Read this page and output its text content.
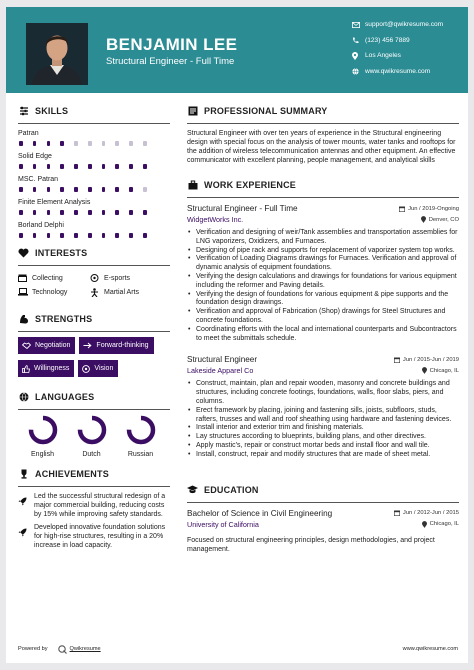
BENJAMIN LEE
Structural Engineer - Full Time
support@qwikresume.com
(123) 456 7889
Los Angeles
www.qwikresume.com
SKILLS
Patran
Solid Edge
MSC. Patran
Finite Element Analysis
Borland Delphi
INTERESTS
Collecting	E-sports
Technology	Martial Arts
STRENGTHS
Negotiation	Forward-thinking
Willingness	Vision
LANGUAGES
English	Dutch	Russian
ACHIEVEMENTS
Led the successful structural redesign of a major commercial building, reducing costs by 15% while improving safety standards.
Developed innovative foundation solutions for high-rise structures, resulting in a 20% increase in load capacity.
PROFESSIONAL SUMMARY
Structural Engineer with over ten years of experience in the Structural engineering design with special focus on the analysis of tower mounts, water tanks and rooftops for the addition of wireless telecommunication antennas and other equipment. An effective communicator with excellent planning, people management, and analytical skills
WORK EXPERIENCE
Structural Engineer - Full Time	Jun / 2019-Ongoing
WidgetWorks Inc.	Denver, CO
• Verification and designing of weir/Tank assemblies and transportation assemblies for LNG vaporizers, Oxidizers, and Furnaces.
• Designing of pipe rack and supports for replacement of vaporizer system top works.
• Verification of Loading Diagrams drawings for Furnaces. Verification and approval of dynamic analysis of equipment foundations.
• Verifying the design calculations and drawings for foundations for various equipment including the reformer and Paving details.
• Verifying the design of foundations for various equipment & pipe supports and the foundation design drawings.
• Verification and approval of Fabrication (Shop) drawings for Steel Structures and concrete foundations.
• Coordinating efforts with the local and international counterparts and Subcontractors to meet the submittals schedule.
Structural Engineer	Jun / 2015-Jun / 2019
Lakeside Apparel Co	Chicago, IL
• Construct, maintain, plan and repair wooden, masonry and concrete buildings and structures, including concrete footings, foundations, walls, floor slabs, piers, and columns.
• Erect framework by placing, joining and fastening sills, joists, subfloors, studs, rafters, trusses and wall and roof sheathing using hardware and fastening devices.
• Install interior and exterior trim and finishing materials.
• Lay structures according to blueprints, building plans, and other directives.
• Apply mastic's, repair or construct mortar beds and install floor and wall tile.
• Install, construct, repair and modify structures that are made of sheet metal.
EDUCATION
Bachelor of Science in Civil Engineering	Jun / 2012-Jun / 2015
University of California	Chicago, IL
Focused on structural engineering principles, design methodologies, and project management.
Powered by	Qwikresume	www.qwikresume.com
